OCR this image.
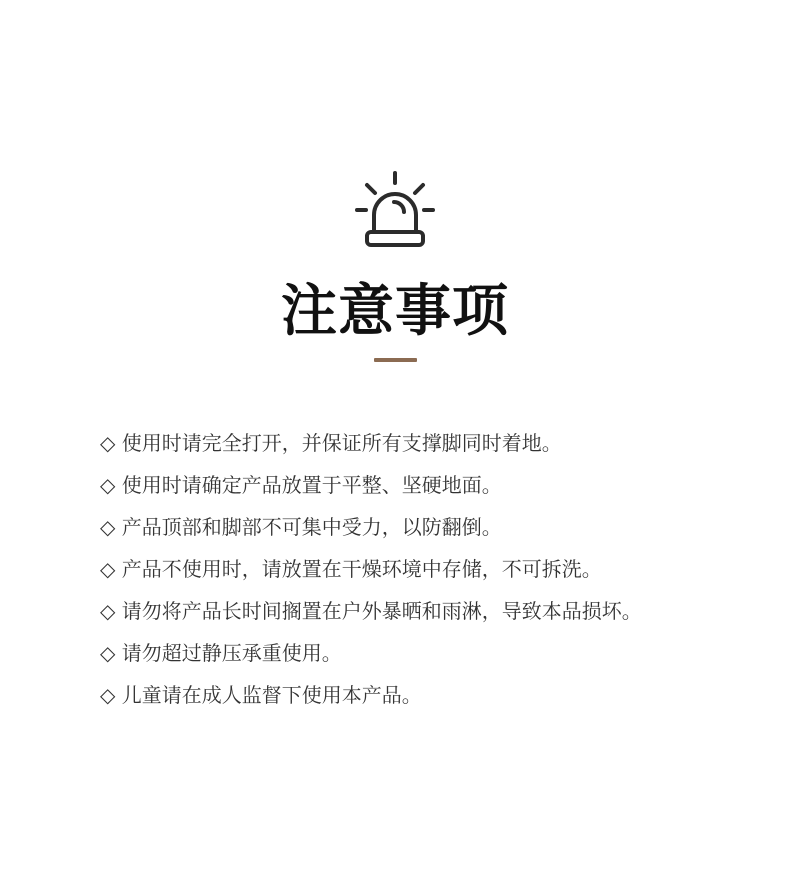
注意事项
◇ 使用时请完全打开，并保证所有支撑脚同时着地。
◇ 使用时请确定产品放置于平整、坚硬地面。
◇ 产品顶部和脚部不可集中受力，以防翻倒。
◇ 产品不使用时，请放置在干燥环境中存储，不可拆洗。
◇ 请勿将产品长时间搁置在户外暴晒和雨淋，导致本品损坏。
◇ 请勿超过静压承重使用。
◇ 儿童请在成人监督下使用本产品。
